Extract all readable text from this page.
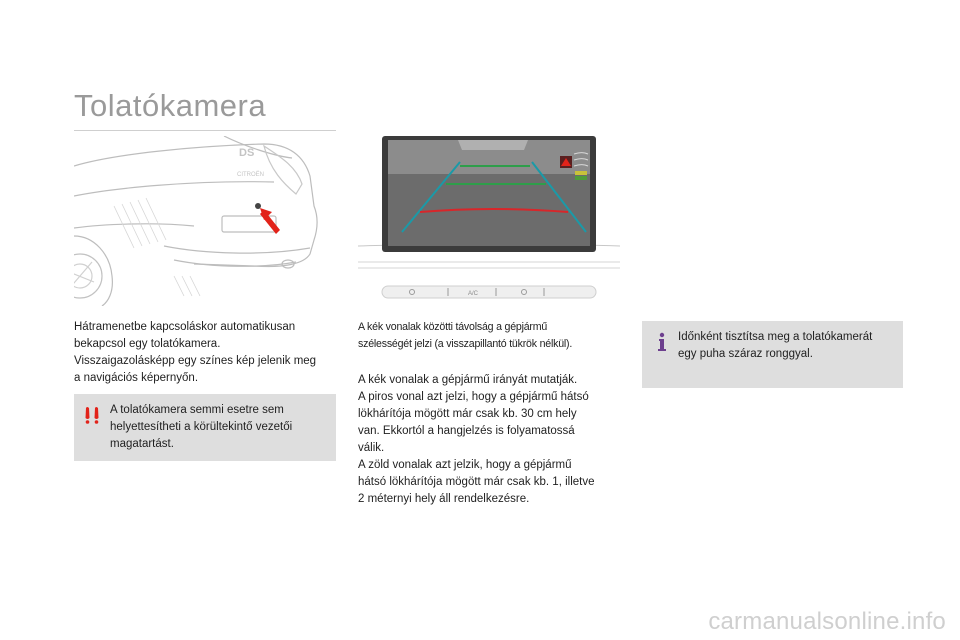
Tolatókamera
DS
CITROËN
A/C

Hátramenetbe kapcsoláskor automatikusan

bekapcsol egy tolatókamera.

Visszaigazolásképp egy színes kép jelenik meg

a navigációs képernyőn.

A tolatókamera semmi esetre sem

helyettesítheti a körültekintő vezetői

magatartást.

A kék vonalak közötti távolság a gépjármű

szélességét jelzi (a visszapillantó tükrök nélkül).

A kék vonalak a gépjármű irányát mutatják.

A piros vonal azt jelzi, hogy a gépjármű hátsó

lökhárítója mögött már csak kb. 30 cm hely

van. Ekkortól a hangjelzés is folyamatossá

válik.

A zöld vonalak azt jelzik, hogy a gépjármű

hátsó lökhárítója mögött már csak kb. 1, illetve

2 méternyi hely áll rendelkezésre.

Időnként tisztítsa meg a tolatókamerát

egy puha száraz ronggyal.

carmanualsonline.info
